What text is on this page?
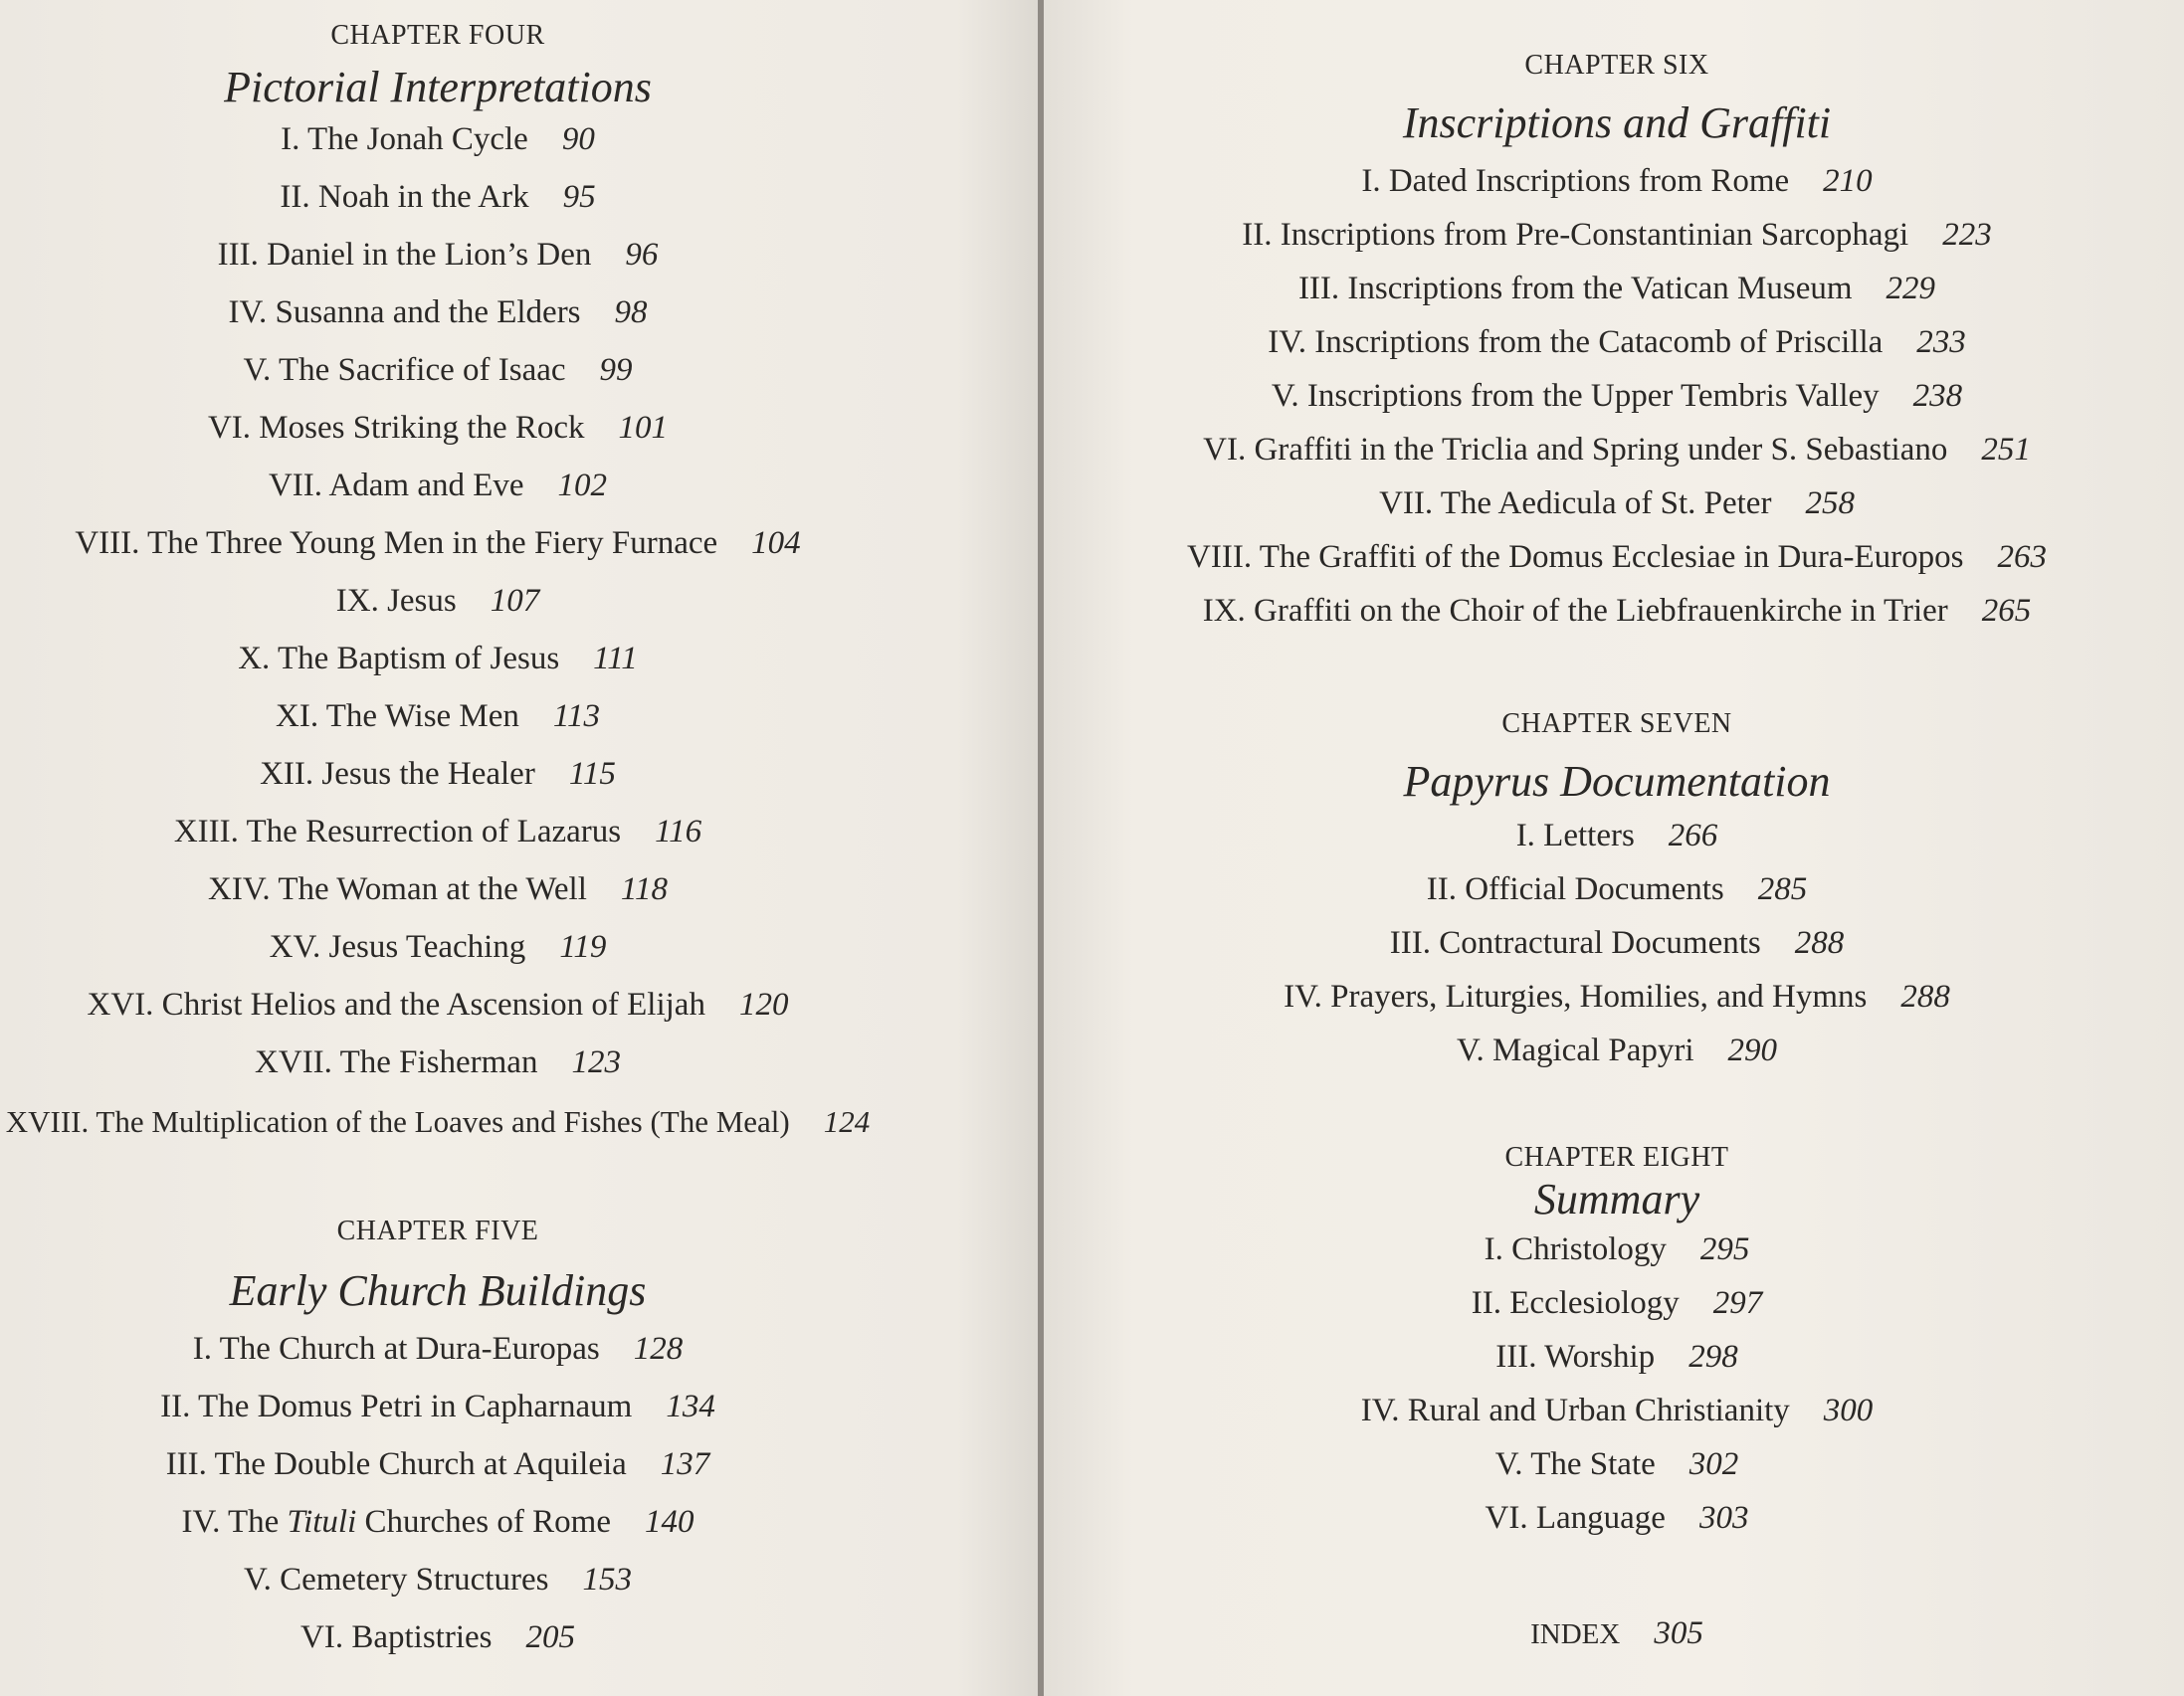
CHAPTER FOUR
Pictorial Interpretations
I. The Jonah Cycle 90
II. Noah in the Ark 95
III. Daniel in the Lion’s Den 96
IV. Susanna and the Elders 98
V. The Sacrifice of Isaac 99
VI. Moses Striking the Rock 101
VII. Adam and Eve 102
VIII. The Three Young Men in the Fiery Furnace 104
IX. Jesus 107
X. The Baptism of Jesus 111
XI. The Wise Men 113
XII. Jesus the Healer 115
XIII. The Resurrection of Lazarus 116
XIV. The Woman at the Well 118
XV. Jesus Teaching 119
XVI. Christ Helios and the Ascension of Elijah 120
XVII. The Fisherman 123
XVIII. The Multiplication of the Loaves and Fishes (The Meal) 124
CHAPTER FIVE
Early Church Buildings
I. The Church at Dura-Europas 128
II. The Domus Petri in Capharnaum 134
III. The Double Church at Aquileia 137
IV. The Tituli Churches of Rome 140
V. Cemetery Structures 153
VI. Baptistries 205
CHAPTER SIX
Inscriptions and Graffiti
I. Dated Inscriptions from Rome 210
II. Inscriptions from Pre-Constantinian Sarcophagi 223
III. Inscriptions from the Vatican Museum 229
IV. Inscriptions from the Catacomb of Priscilla 233
V. Inscriptions from the Upper Tembris Valley 238
VI. Graffiti in the Triclia and Spring under S. Sebastiano 251
VII. The Aedicula of St. Peter 258
VIII. The Graffiti of the Domus Ecclesiae in Dura-Europos 263
IX. Graffiti on the Choir of the Liebfrauenkirche in Trier 265
CHAPTER SEVEN
Papyrus Documentation
I. Letters 266
II. Official Documents 285
III. Contractural Documents 288
IV. Prayers, Liturgies, Homilies, and Hymns 288
V. Magical Papyri 290
CHAPTER EIGHT
Summary
I. Christology 295
II. Ecclesiology 297
III. Worship 298
IV. Rural and Urban Christianity 300
V. The State 302
VI. Language 303
INDEX 305
